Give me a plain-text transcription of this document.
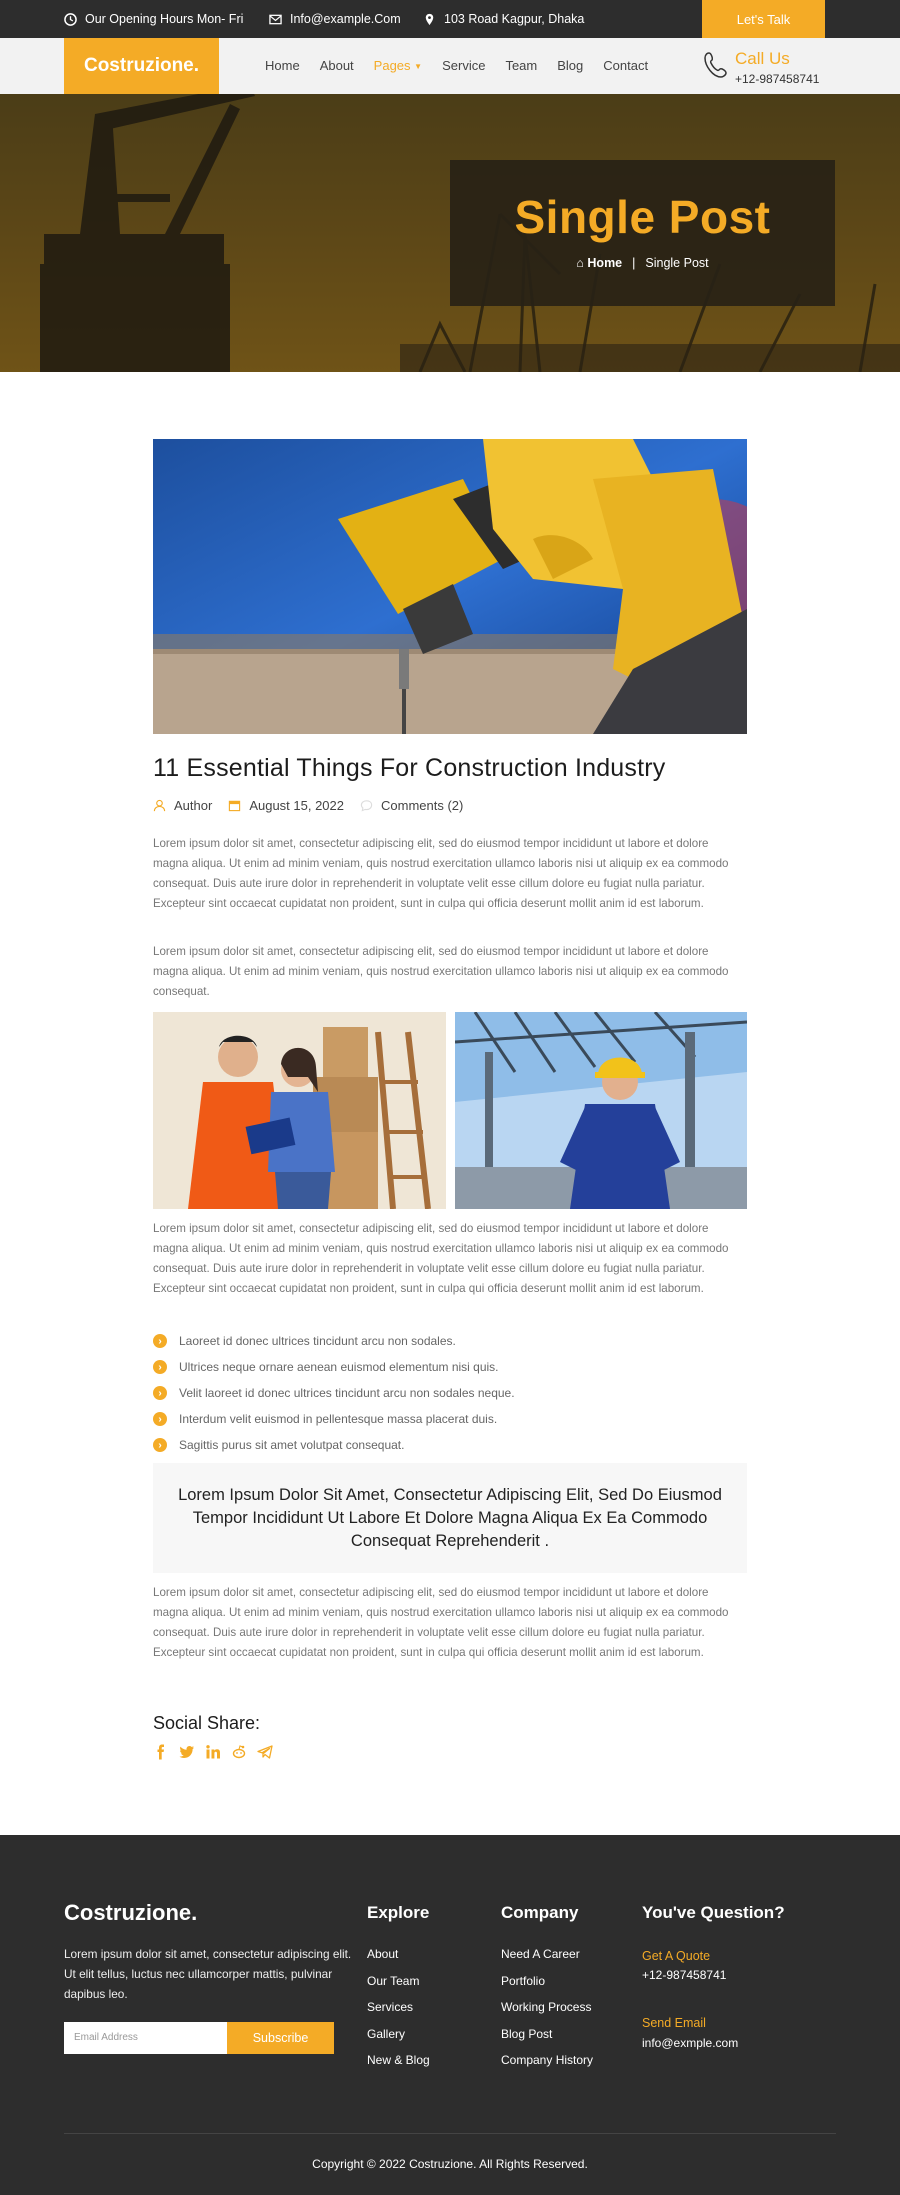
Our Opening Hours Mon- Fri	Info@example.Com	103 Road Kagpur, Dhaka	Let's Talk
Costruzione.	Home About Pages ▼ Service Team Blog Contact	Call Us
+12-987458741
Single Post
⌂ Home | Single Post
11 Essential Things For Construction Industry
Author	August 15, 2022	Comments (2)

Lorem ipsum dolor sit amet, consectetur adipiscing elit, sed do eiusmod tempor incididunt ut labore et dolore magna aliqua. Ut enim ad minim veniam, quis nostrud exercitation ullamco laboris nisi ut aliquip ex ea commodo consequat. Duis aute irure dolor in reprehenderit in voluptate velit esse cillum dolore eu fugiat nulla pariatur. Excepteur sint occaecat cupidatat non proident, sunt in culpa qui officia deserunt mollit anim id est laborum.

Lorem ipsum dolor sit amet, consectetur adipiscing elit, sed do eiusmod tempor incididunt ut labore et dolore magna aliqua. Ut enim ad minim veniam, quis nostrud exercitation ullamco laboris nisi ut aliquip ex ea commodo consequat.

Lorem ipsum dolor sit amet, consectetur adipiscing elit, sed do eiusmod tempor incididunt ut labore et dolore magna aliqua. Ut enim ad minim veniam, quis nostrud exercitation ullamco laboris nisi ut aliquip ex ea commodo consequat. Duis aute irure dolor in reprehenderit in voluptate velit esse cillum dolore eu fugiat nulla pariatur. Excepteur sint occaecat cupidatat non proident, sunt in culpa qui officia deserunt mollit anim id est laborum.

›	Laoreet id donec ultrices tincidunt arcu non sodales.
›	Ultrices neque ornare aenean euismod elementum nisi quis.
›	Velit laoreet id donec ultrices tincidunt arcu non sodales neque.
›	Interdum velit euismod in pellentesque massa placerat duis.
›	Sagittis purus sit amet volutpat consequat.
Lorem Ipsum Dolor Sit Amet, Consectetur Adipiscing Elit, Sed Do Eiusmod Tempor Incididunt Ut Labore Et Dolore Magna Aliqua Ex Ea Commodo Consequat Reprehenderit .

Lorem ipsum dolor sit amet, consectetur adipiscing elit, sed do eiusmod tempor incididunt ut labore et dolore magna aliqua. Ut enim ad minim veniam, quis nostrud exercitation ullamco laboris nisi ut aliquip ex ea commodo consequat. Duis aute irure dolor in reprehenderit in voluptate velit esse cillum dolore eu fugiat nulla pariatur. Excepteur sint occaecat cupidatat non proident, sunt in culpa qui officia deserunt mollit anim id est laborum.

Social Share:
Costruzione.

Lorem ipsum dolor sit amet, consectetur adipiscing elit. Ut elit tellus, luctus nec ullamcorper mattis, pulvinar dapibus leo.

Email Address	Subscribe
Explore
About
Our Team
Services
Gallery
New & Blog
Company
Need A Career
Portfolio
Working Process
Blog Post
Company History
You've Question?
Get A Quote
+12-987458741
Send Email
info@exmple.com
Copyright © 2022 Costruzione. All Rights Reserved.
